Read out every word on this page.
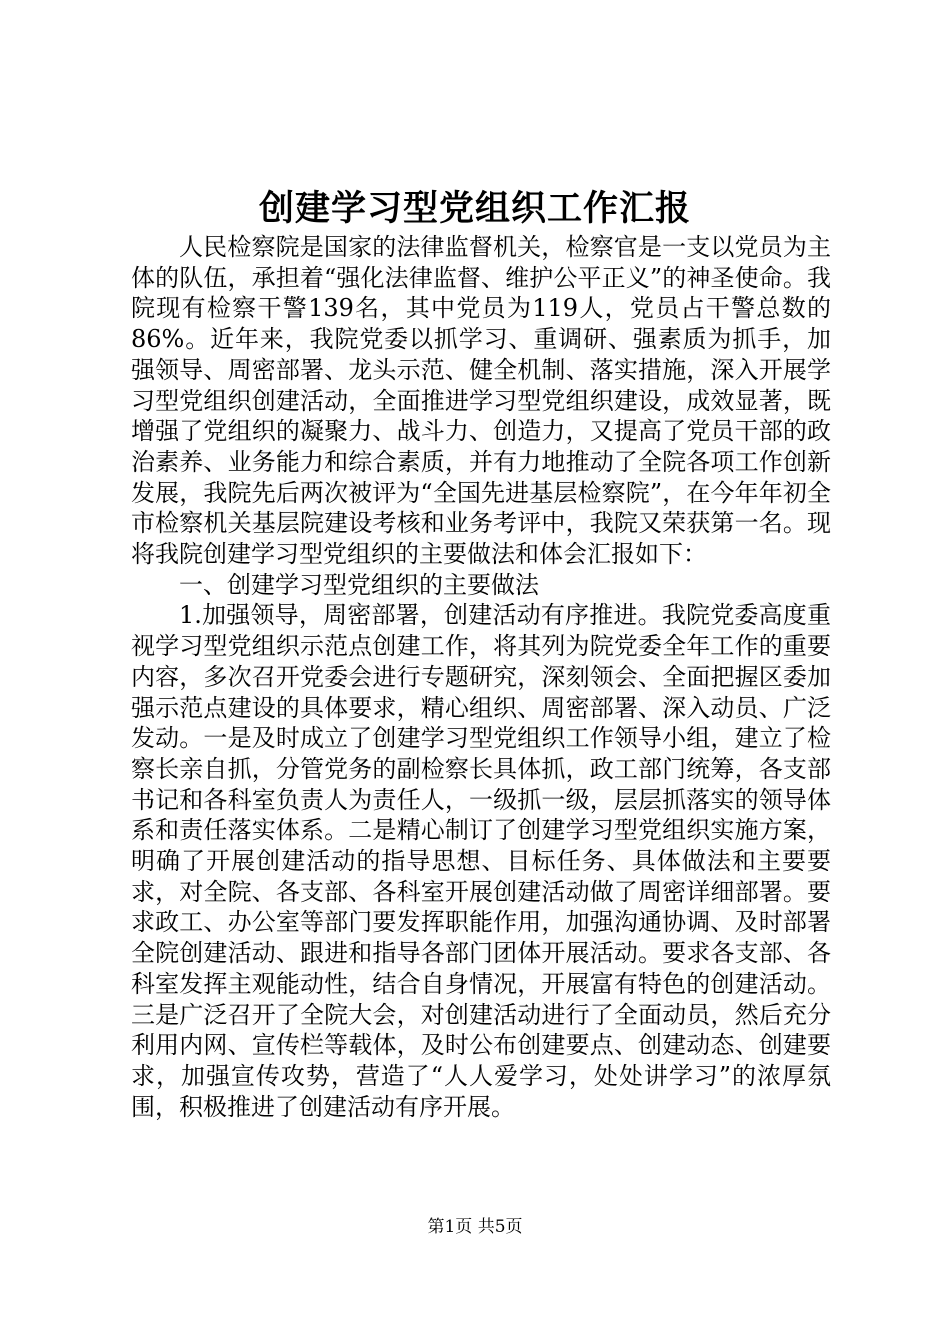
创建学习型党组织工作汇报

人民检察院是国家的法律监督机关，检察官是一支以党员为主体的队伍，承担着“强化法律监督、维护公平正义”的神圣使命。我院现有检察干警139名，其中党员为119人，党员占干警总数的86%。近年来，我院党委以抓学习、重调研、强素质为抓手，加强领导、周密部署、龙头示范、健全机制、落实措施，深入开展学习型党组织创建活动，全面推进学习型党组织建设，成效显著，既增强了党组织的凝聚力、战斗力、创造力，又提高了党员干部的政治素养、业务能力和综合素质，并有力地推动了全院各项工作创新发展，我院先后两次被评为“全国先进基层检察院”，在今年年初全市检察机关基层院建设考核和业务考评中，我院又荣获第一名。现将我院创建学习型党组织的主要做法和体会汇报如下：

一、创建学习型党组织的主要做法

1.加强领导，周密部署，创建活动有序推进。我院党委高度重视学习型党组织示范点创建工作，将其列为院党委全年工作的重要内容，多次召开党委会进行专题研究，深刻领会、全面把握区委加强示范点建设的具体要求，精心组织、周密部署、深入动员、广泛发动。一是及时成立了创建学习型党组织工作领导小组，建立了检察长亲自抓，分管党务的副检察长具体抓，政工部门统筹，各支部书记和各科室负责人为责任人，一级抓一级，层层抓落实的领导体系和责任落实体系。二是精心制订了创建学习型党组织实施方案，明确了开展创建活动的指导思想、目标任务、具体做法和主要要求，对全院、各支部、各科室开展创建活动做了周密详细部署。要求政工、办公室等部门要发挥职能作用，加强沟通协调、及时部署全院创建活动、跟进和指导各部门团体开展活动。要求各支部、各科室发挥主观能动性，结合自身情况，开展富有特色的创建活动。三是广泛召开了全院大会，对创建活动进行了全面动员，然后充分利用内网、宣传栏等载体，及时公布创建要点、创建动态、创建要求，加强宣传攻势，营造了“人人爱学习，处处讲学习”的浓厚氛围，积极推进了创建活动有序开展。

第1页 共5页
